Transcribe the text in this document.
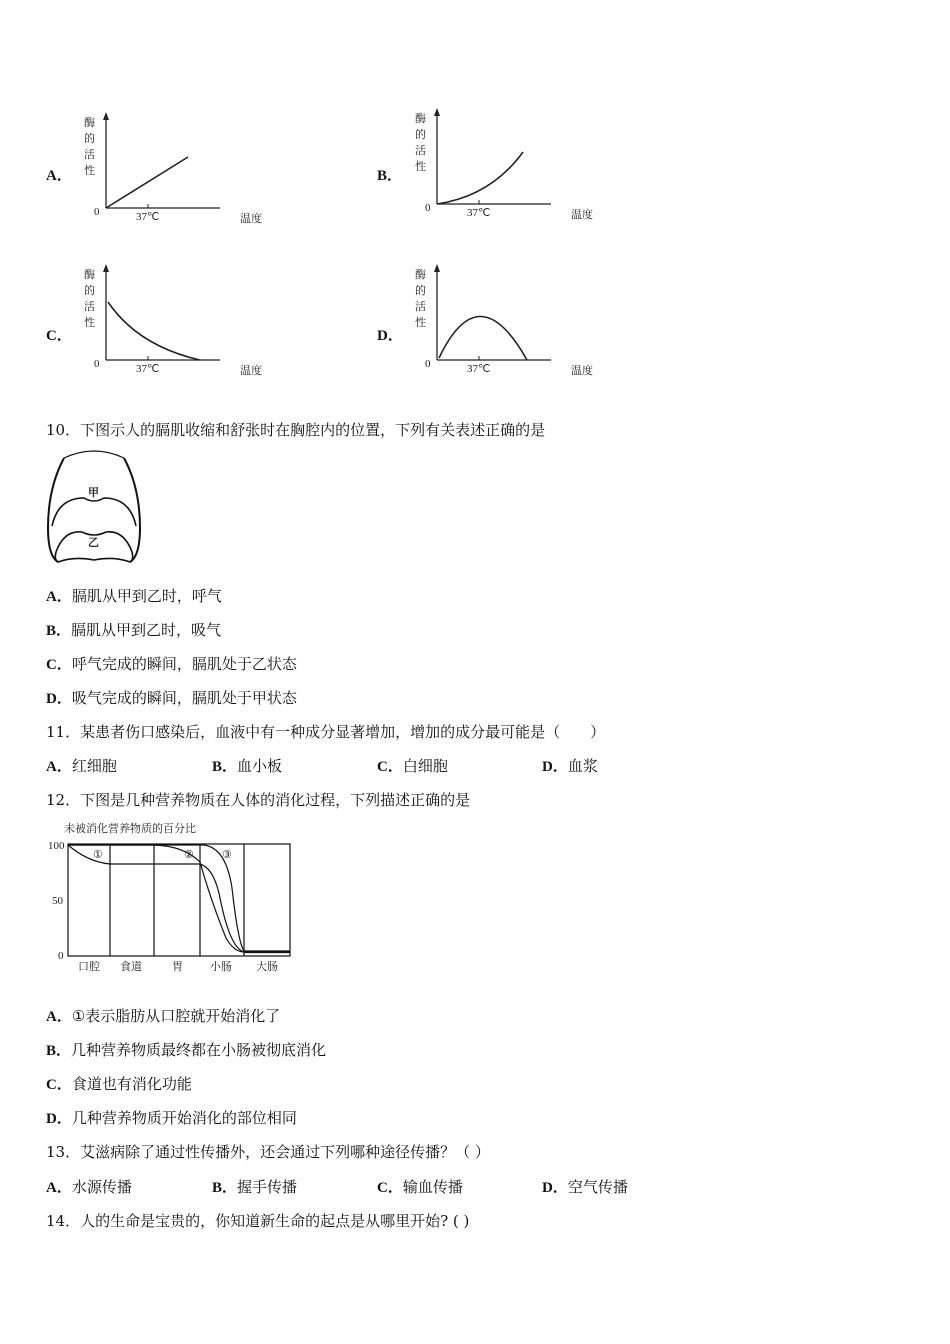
A．
酶
的
活
性
0	37℃	温度
B．
酶
的
活
性
0	37℃	温度
C．
酶
的
活
性
0	37℃	温度
D．
酶
的
活
性
0	37℃	温度
10．下图示人的膈肌收缩和舒张时在胸腔内的位置，下列有关表述正确的是
甲
乙
A．膈肌从甲到乙时，呼气
B．膈肌从甲到乙时，吸气
C．呼气完成的瞬间，膈肌处于乙状态
D．吸气完成的瞬间，膈肌处于甲状态
11．某患者伤口感染后，血液中有一种成分显著增加，增加的成分最可能是（　　）
A．红细胞	B．血小板	C．白细胞	D．血浆
12．下图是几种营养物质在人体的消化过程，下列描述正确的是
未被消化营养物质的百分比
100
50
0
①	②	③
口腔 食道	胃 小肠 大肠
A．①表示脂肪从口腔就开始消化了
B．几种营养物质最终都在小肠被彻底消化
C．食道也有消化功能
D．几种营养物质开始消化的部位相同
13．艾滋病除了通过性传播外，还会通过下列哪种途径传播？（ ）
A．水源传播	B．握手传播	C．输血传播	D．空气传播
14．人的生命是宝贵的，你知道新生命的起点是从哪里开始? ( )
